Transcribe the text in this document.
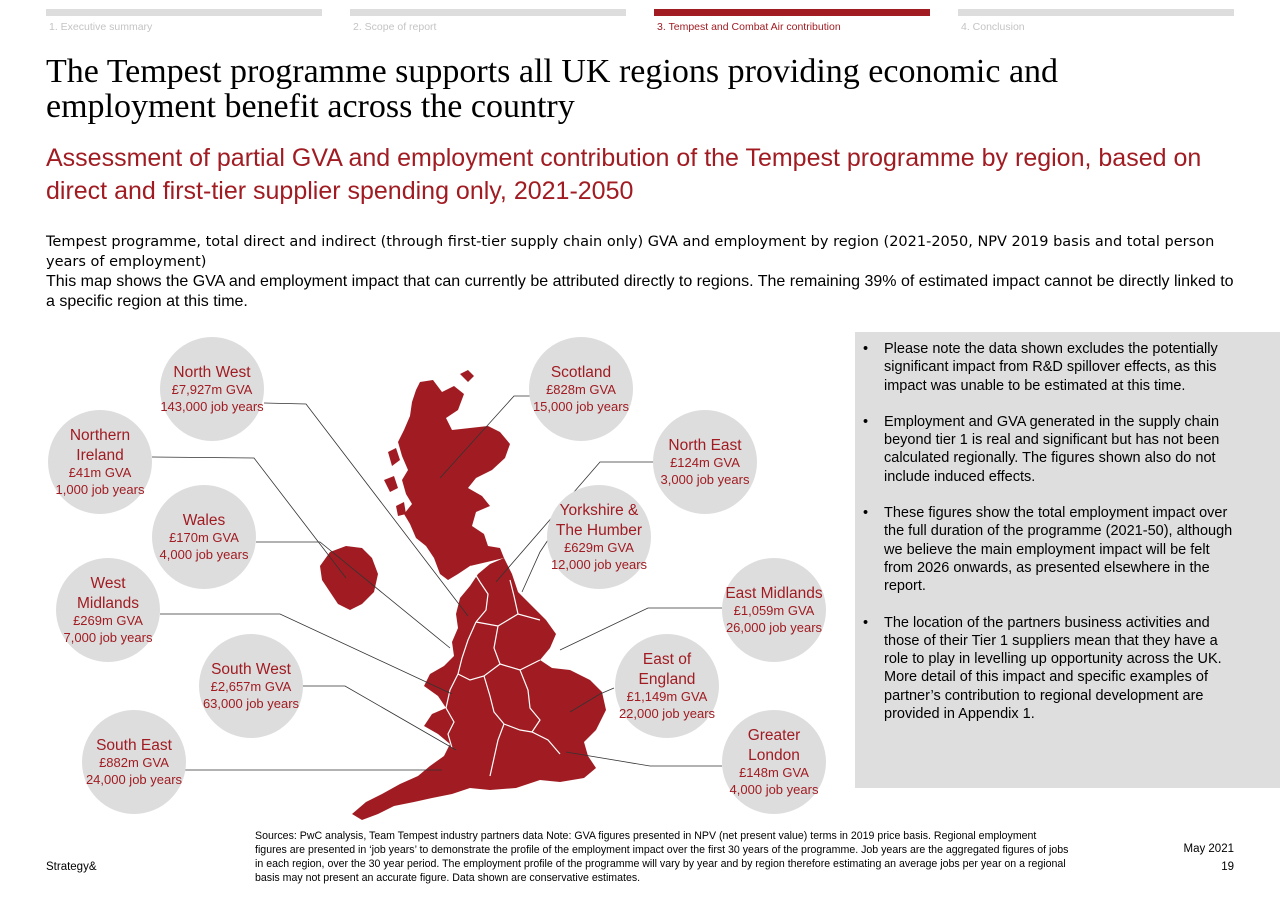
1. Executive summary	2. Scope of report	3. Tempest and Combat Air contribution	4. Conclusion
The Tempest programme supports all UK regions providing economic and employment benefit across the country
Assessment of partial GVA and employment contribution of the Tempest programme by region, based on direct and first-tier supplier spending only, 2021-2050
Tempest programme, total direct and indirect (through first-tier supply chain only) GVA and employment by region (2021-2050, NPV 2019 basis and total person years of employment)
This map shows the GVA and employment impact that can currently be attributed directly to regions. The remaining 39% of estimated impact cannot be directly linked to a specific region at this time.
North West
£7,927m GVA
143,000 job years
Scotland
£828m GVA
15,000 job years
Northern
Ireland
£41m GVA
1,000 job years
North East
£124m GVA
3,000 job years
Wales
£170m GVA
4,000 job years
Yorkshire &
The Humber
£629m GVA
12,000 job years
West
Midlands
£269m GVA
7,000 job years
East Midlands
£1,059m GVA
26,000 job years
South West
£2,657m GVA
63,000 job years
East of
England
£1,149m GVA
22,000 job years
South East
£882m GVA
24,000 job years
Greater
London
£148m GVA
4,000 job years
• Please note the data shown excludes the potentially significant impact from R&D spillover effects, as this impact was unable to be estimated at this time.
• Employment and GVA generated in the supply chain beyond tier 1 is real and significant but has not been calculated regionally. The figures shown also do not include induced effects.
• These figures show the total employment impact over the full duration of the programme (2021-50), although we believe the main employment impact will be felt from 2026 onwards, as presented elsewhere in the report.
• The location of the partners business activities and those of their Tier 1 suppliers mean that they have a role to play in levelling up opportunity across the UK. More detail of this impact and specific examples of partner’s contribution to regional development are provided in Appendix 1.
Sources: PwC analysis, Team Tempest industry partners data Note: GVA figures presented in NPV (net present value) terms in 2019 price basis. Regional employment figures are presented in ‘job years’ to demonstrate the profile of the employment impact over the first 30 years of the programme. Job years are the aggregated figures of jobs in each region, over the 30 year period. The employment profile of the programme will vary by year and by region therefore estimating an average jobs per year on a regional basis may not present an accurate figure. Data shown are conservative estimates.
Strategy&
May 2021
19
